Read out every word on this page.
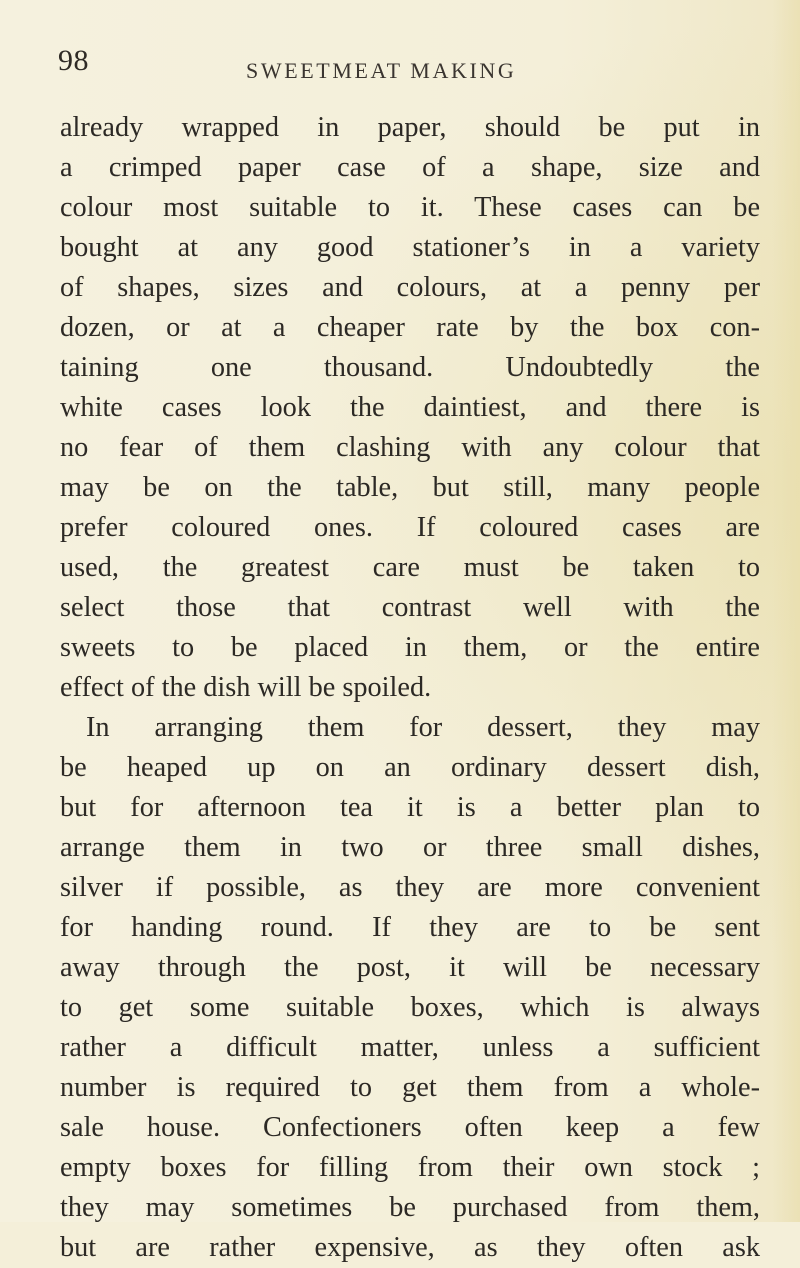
98	SWEETMEAT MAKING
already wrapped in paper, should be put in
a crimped paper case of a shape, size and
colour most suitable to it. These cases can be
bought at any good stationer’s in a variety
of shapes, sizes and colours, at a penny per
dozen, or at a cheaper rate by the box con-
taining one thousand. Undoubtedly the
white cases look the daintiest, and there is
no fear of them clashing with any colour that
may be on the table, but still, many people
prefer coloured ones. If coloured cases are
used, the greatest care must be taken to
select those that contrast well with the
sweets to be placed in them, or the entire
effect of the dish will be spoiled.
In arranging them for dessert, they may
be heaped up on an ordinary dessert dish,
but for afternoon tea it is a better plan to
arrange them in two or three small dishes,
silver if possible, as they are more convenient
for handing round. If they are to be sent
away through the post, it will be necessary
to get some suitable boxes, which is always
rather a difficult matter, unless a sufficient
number is required to get them from a whole-
sale house. Confectioners often keep a few
empty boxes for filling from their own stock ;
they may sometimes be purchased from them,
but are rather expensive, as they often ask
